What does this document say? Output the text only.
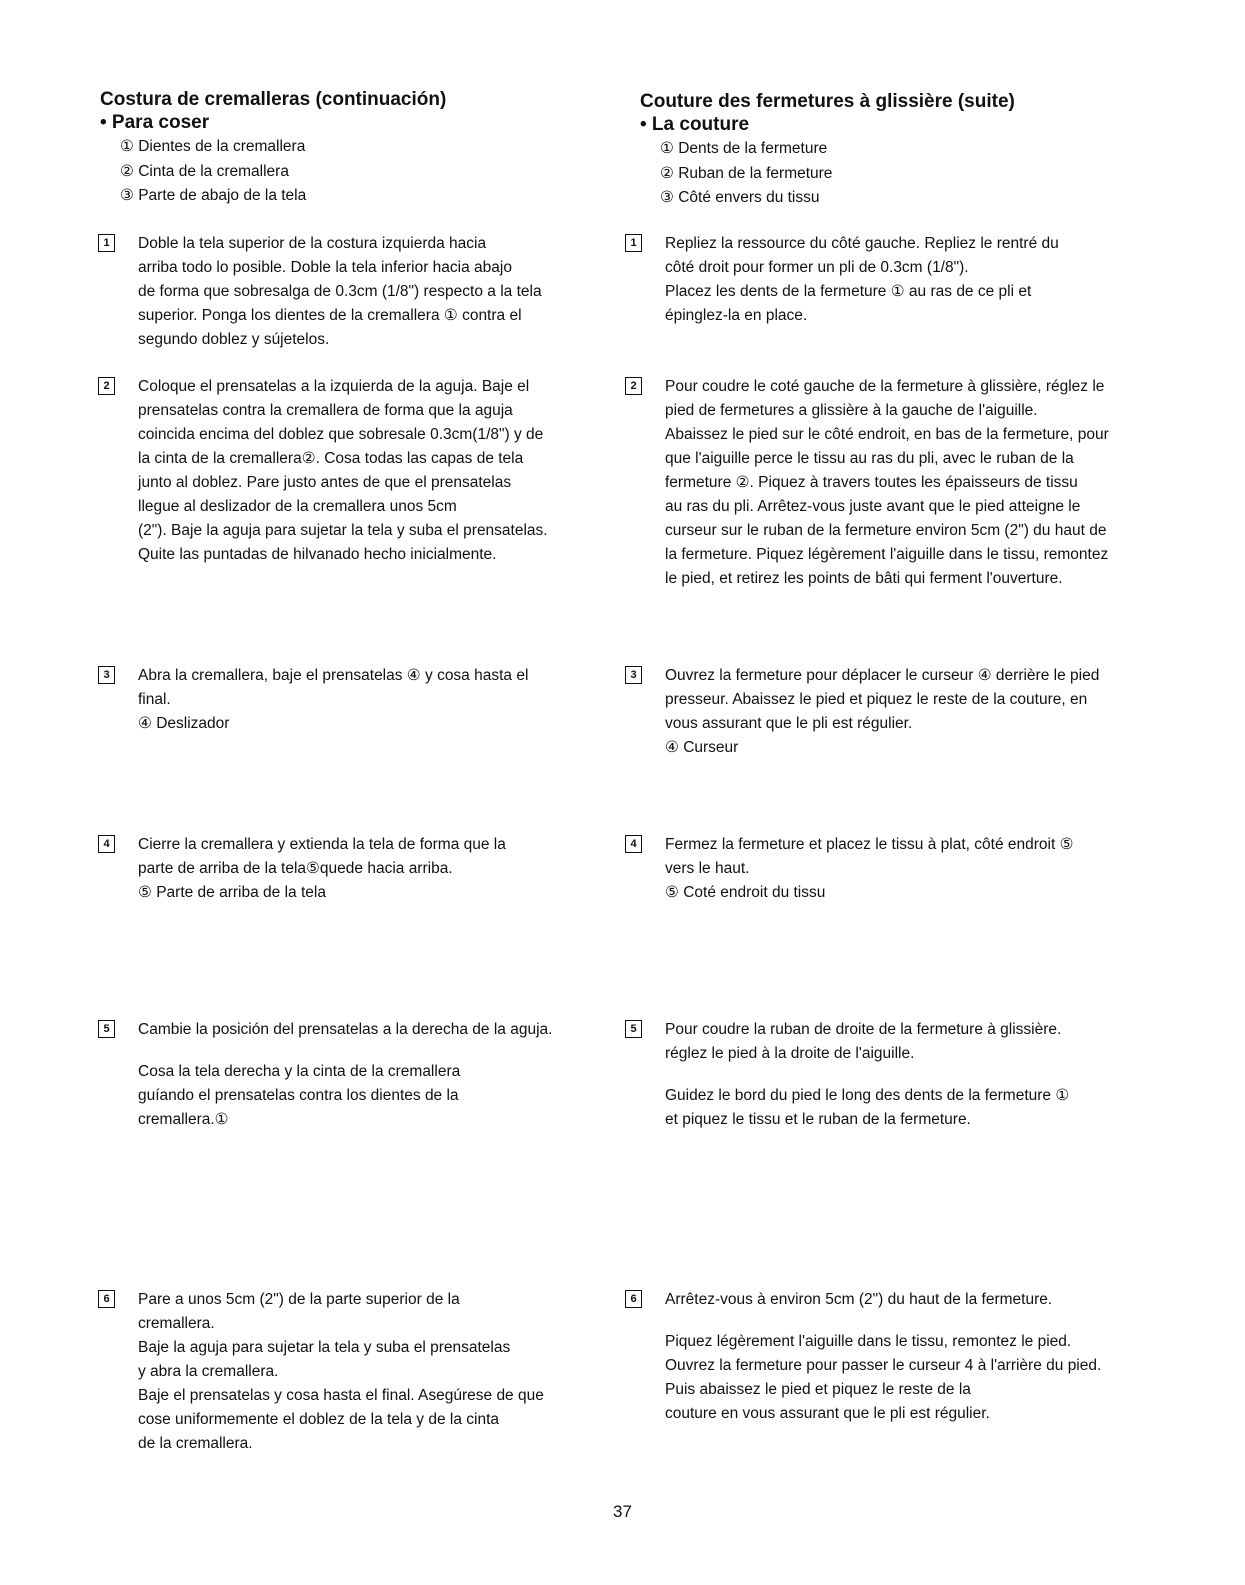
Costura de cremalleras (continuación)
• Para coser
① Dientes de la cremallera
② Cinta de la cremallera
③ Parte de abajo de la tela
1	Doble la tela superior de la costura izquierda hacia
arriba todo lo posible. Doble la tela inferior hacia abajo
de forma que sobresalga de 0.3cm (1/8") respecto a la tela
superior. Ponga los dientes de la cremallera ① contra el
segundo doblez y sújetelos.
2	Coloque el prensatelas a la izquierda de la aguja. Baje el
prensatelas contra la cremallera de forma que la aguja
coincida encima del doblez que sobresale 0.3cm(1/8") y de
la cinta de la cremallera②. Cosa todas las capas de tela
junto al doblez. Pare justo antes de que el prensatelas
llegue al deslizador de la cremallera unos 5cm
(2"). Baje la aguja para sujetar la tela y suba el prensatelas.
Quite las puntadas de hilvanado hecho inicialmente.
3	Abra la cremallera, baje el prensatelas ④ y cosa hasta el
final.
④ Deslizador
4	Cierre la cremallera y extienda la tela de forma que la
parte de arriba de la tela⑤quede hacia arriba.
⑤ Parte de arriba de la tela
5	Cambie la posición del prensatelas a la derecha de la aguja.
Cosa la tela derecha y la cinta de la cremallera
guíando el prensatelas contra los dientes de la
cremallera.①
6	Pare a unos 5cm (2") de la parte superior de la
cremallera.
Baje la aguja para sujetar la tela y suba el prensatelas
y abra la cremallera.
Baje el prensatelas y cosa hasta el final. Asegúrese de que
cose uniformemente el doblez de la tela y de la cinta
de la cremallera.
Couture des fermetures à glissière (suite)
• La couture
① Dents de la fermeture
② Ruban de la fermeture
③ Côté envers du tissu
1	Repliez la ressource du côté gauche. Repliez le rentré du
côté droit pour former un pli de 0.3cm (1/8").
Placez les dents de la fermeture ① au ras de ce pli et
épinglez-la en place.
2	Pour coudre le coté gauche de la fermeture à glissière, réglez le
pied de fermetures a glissière à la gauche de l'aiguille.
Abaissez le pied sur le côté endroit, en bas de la fermeture, pour
que l'aiguille perce le tissu au ras du pli, avec le ruban de la
fermeture ②. Piquez à travers toutes les épaisseurs de tissu
au ras du pli. Arrêtez-vous juste avant que le pied atteigne le
curseur sur le ruban de la fermeture environ 5cm (2") du haut de
la fermeture. Piquez légèrement l'aiguille dans le tissu, remontez
le pied, et retirez les points de bâti qui ferment l'ouverture.
3	Ouvrez la fermeture pour déplacer le curseur ④ derrière le pied
presseur. Abaissez le pied et piquez le reste de la couture, en
vous assurant que le pli est régulier.
④ Curseur
4	Fermez la fermeture et placez le tissu à plat, côté endroit ⑤
vers le haut.
⑤ Coté endroit du tissu
5	Pour coudre la ruban de droite de la fermeture à glissière.
réglez le pied à la droite de l'aiguille.
Guidez le bord du pied le long des dents de la fermeture ①
et piquez le tissu et le ruban de la fermeture.
6	Arrêtez-vous à environ 5cm (2") du haut de la fermeture.
Piquez légèrement l'aiguille dans le tissu, remontez le pied.
Ouvrez la fermeture pour passer le curseur 4 à l'arrière du pied.
Puis abaissez le pied et piquez le reste de la
couture en vous assurant que le pli est régulier.
37
